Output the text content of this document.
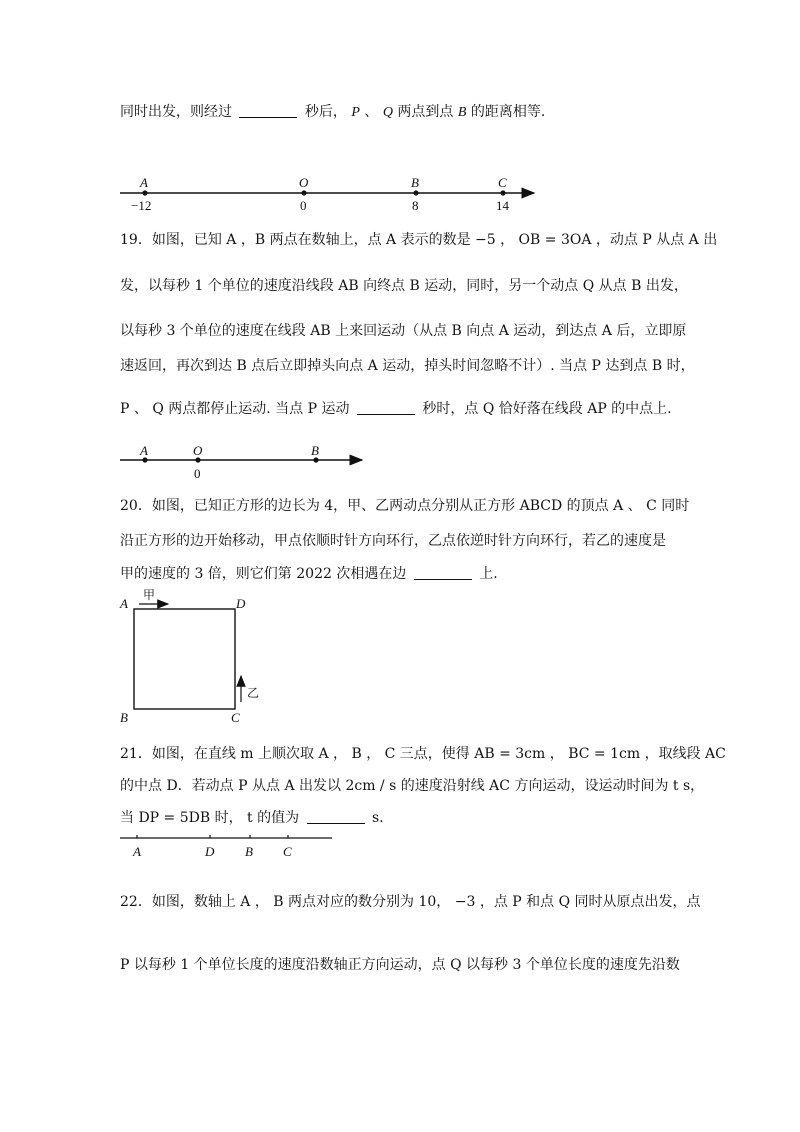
同时出发，则经过	秒后， P 、 Q 两点到点 B 的距离相等.
A	O	B	C
−12	0	8	14
A	O	B
0
A	D
B	C
甲
乙
A	D B C
19．如图，已知 A ，B 两点在数轴上，点 A 表示的数是 −5 ， OB = 3OA ，动点 P 从点 A 出
发，以每秒 1 个单位的速度沿线段 AB 向终点 B 运动，同时，另一个动点 Q 从点 B 出发，
以每秒 3 个单位的速度在线段 AB 上来回运动（从点 B 向点 A 运动，到达点 A 后，立即原
速返回，再次到达 B 点后立即掉头向点 A 运动，掉头时间忽略不计）. 当点 P 达到点 B 时，
P 、 Q 两点都停止运动. 当点 P 运动	秒时，点 Q 恰好落在线段 AP 的中点上.
20．如图，已知正方形的边长为 4，甲、乙两动点分别从正方形 ABCD 的顶点 A 、 C 同时
沿正方形的边开始移动，甲点依顺时针方向环行，乙点依逆时针方向环行，若乙的速度是
甲的速度的 3 倍，则它们第 2022 次相遇在边	上.
21．如图，在直线 m 上顺次取 A ， B ， C 三点，使得 AB = 3cm ， BC = 1cm ，取线段 AC
的中点 D．若动点 P 从点 A 出发以 2cm / s 的速度沿射线 AC 方向运动，设运动时间为 t s，
当 DP = 5DB 时， t 的值为	s．
22．如图，数轴上 A ， B 两点对应的数分别为 10， −3 ，点 P 和点 Q 同时从原点出发，点
P 以每秒 1 个单位长度的速度沿数轴正方向运动，点 Q 以每秒 3 个单位长度的速度先沿数
